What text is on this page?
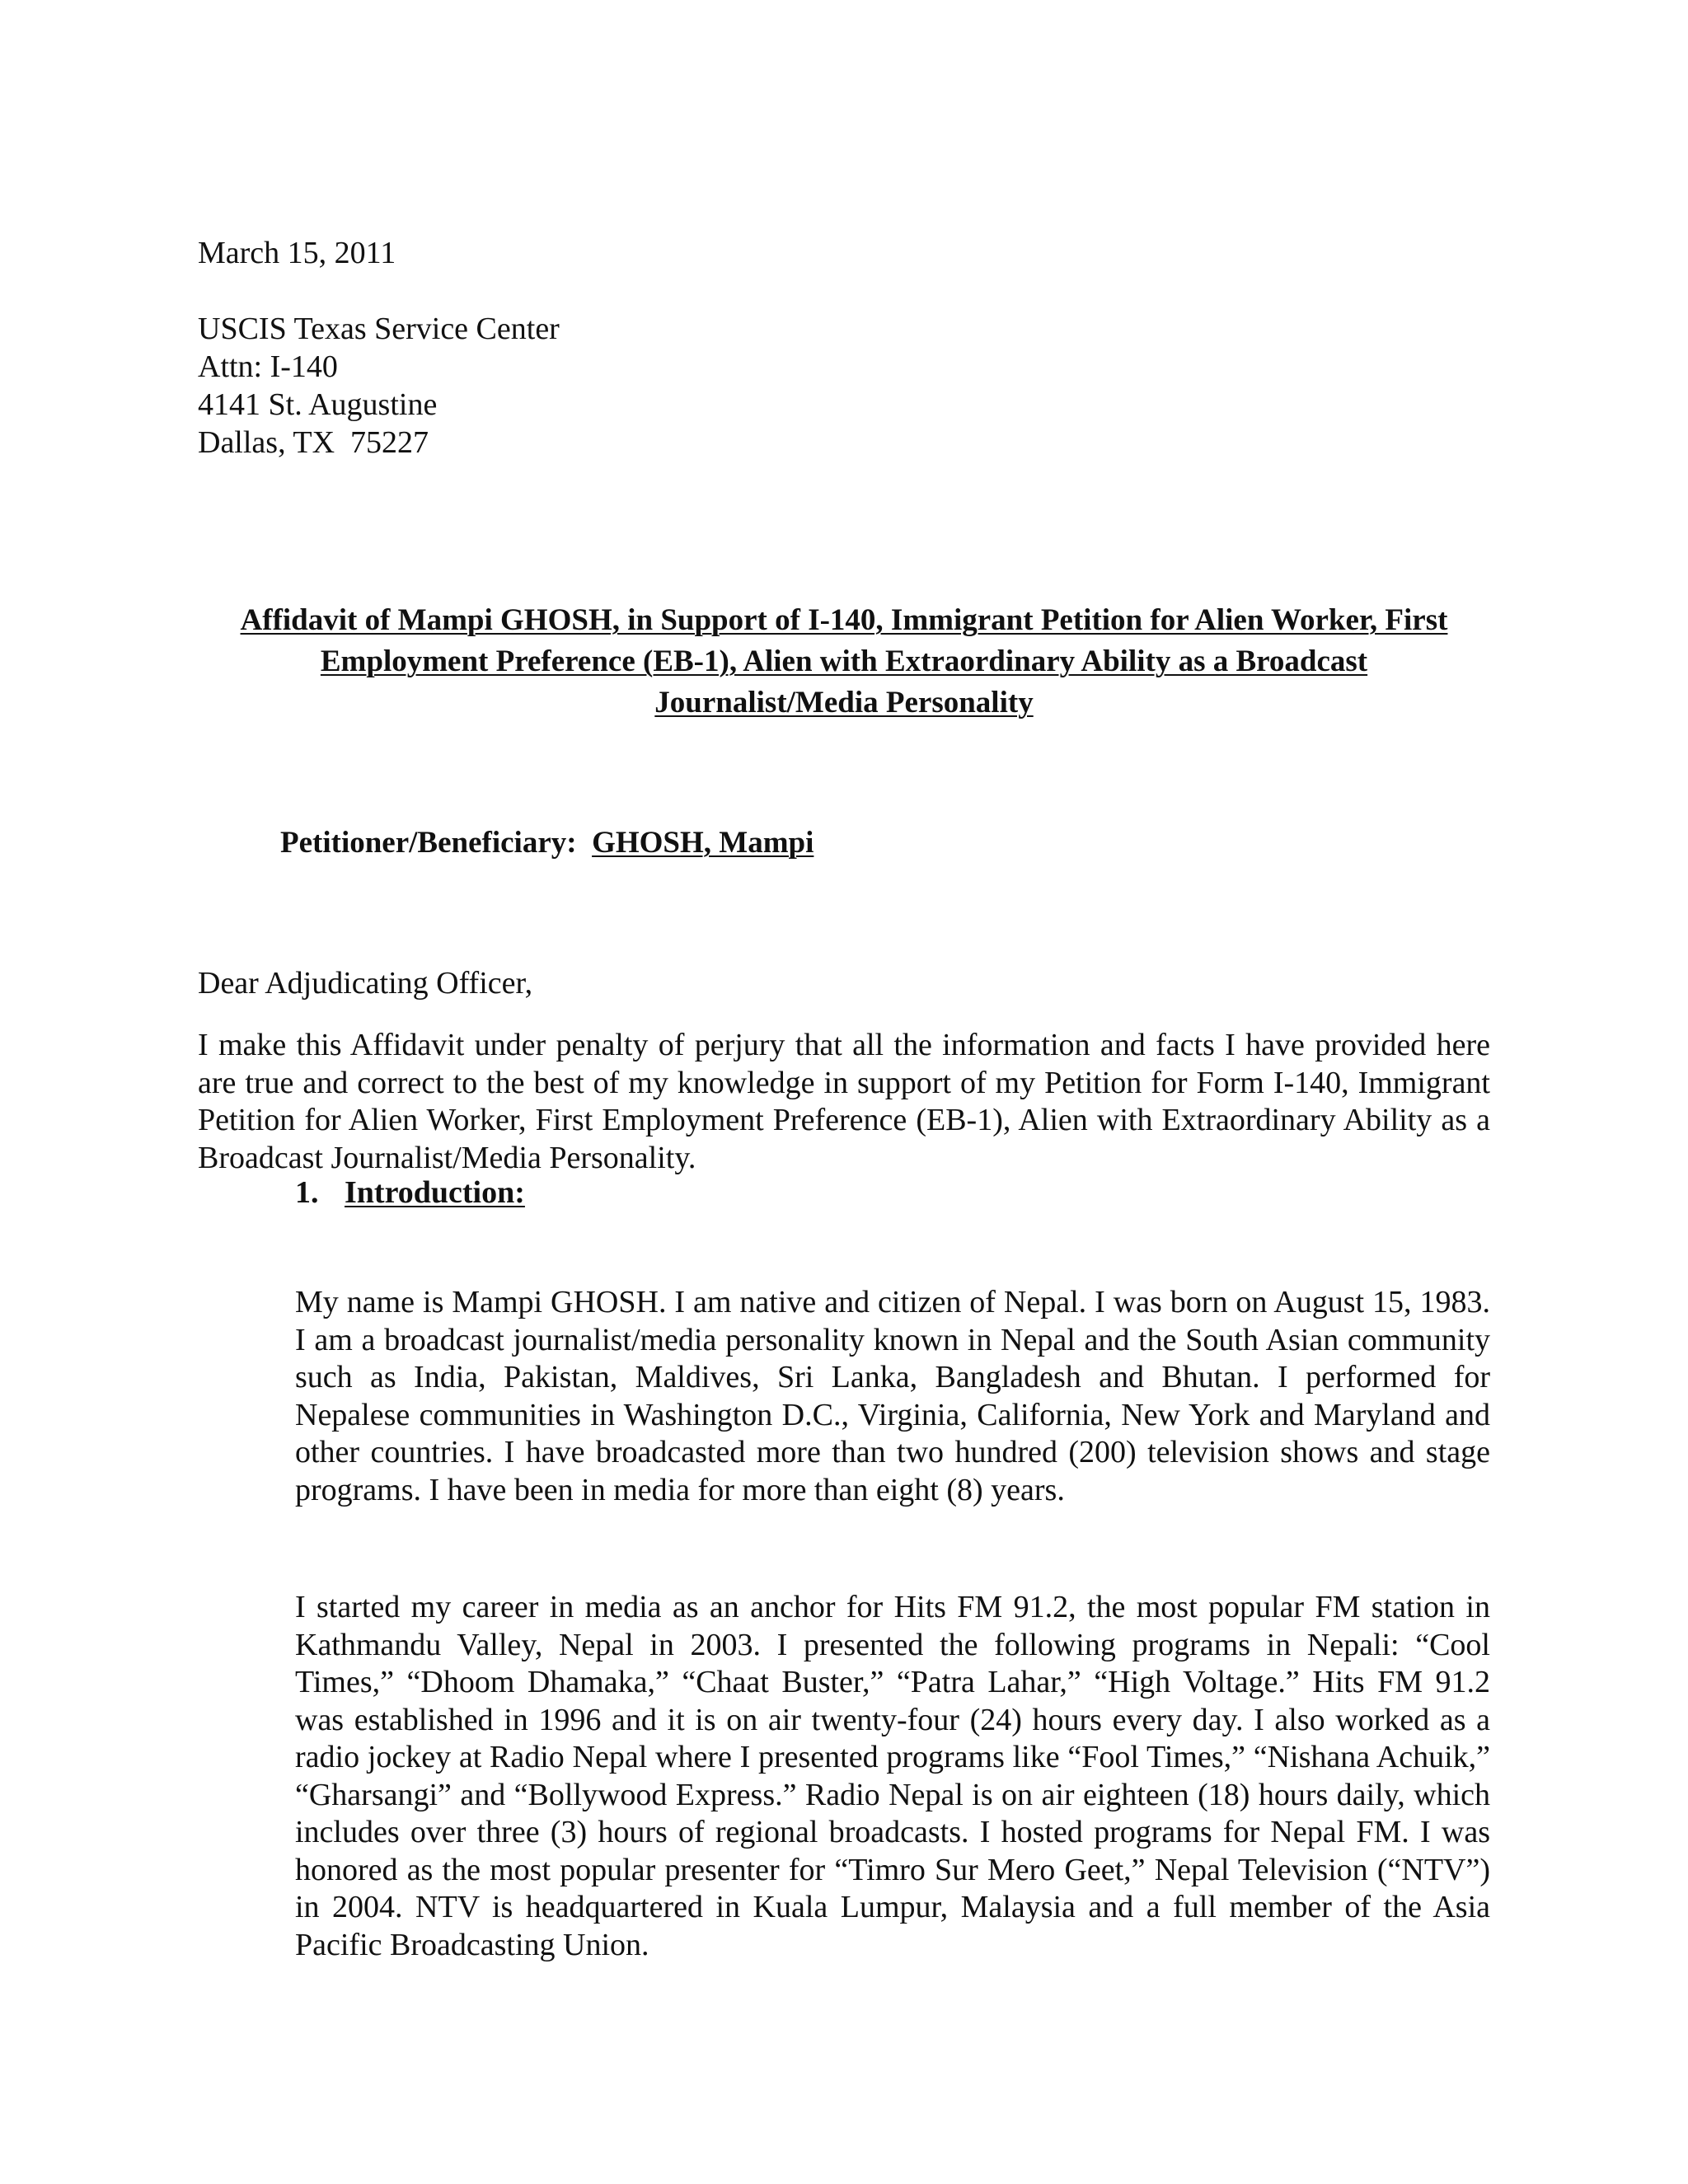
March 15, 2011
USCIS Texas Service Center
Attn: I-140
4141 St. Augustine
Dallas, TX  75227
Affidavit of Mampi GHOSH, in Support of I-140, Immigrant Petition for Alien Worker, First Employment Preference (EB-1), Alien with Extraordinary Ability as a Broadcast Journalist/Media Personality
Petitioner/Beneficiary: GHOSH, Mampi
Dear Adjudicating Officer,
I make this Affidavit under penalty of perjury that all the information and facts I have provided here are true and correct to the best of my knowledge in support of my Petition for Form I-140, Immigrant Petition for Alien Worker, First Employment Preference (EB-1), Alien with Extraordinary Ability as a Broadcast Journalist/Media Personality.
1. Introduction:
My name is Mampi GHOSH. I am native and citizen of Nepal. I was born on August 15, 1983. I am a broadcast journalist/media personality known in Nepal and the South Asian community such as India, Pakistan, Maldives, Sri Lanka, Bangladesh and Bhutan. I performed for Nepalese communities in Washington D.C., Virginia, California, New York and Maryland and other countries. I have broadcasted more than two hundred (200) television shows and stage programs. I have been in media for more than eight (8) years.
I started my career in media as an anchor for Hits FM 91.2, the most popular FM station in Kathmandu Valley, Nepal in 2003. I presented the following programs in Nepali: “Cool Times,” “Dhoom Dhamaka,” “Chaat Buster,” “Patra Lahar,” “High Voltage.” Hits FM 91.2 was established in 1996 and it is on air twenty-four (24) hours every day. I also worked as a radio jockey at Radio Nepal where I presented programs like “Fool Times,” “Nishana Achuik,” “Gharsangi” and “Bollywood Express.” Radio Nepal is on air eighteen (18) hours daily, which includes over three (3) hours of regional broadcasts. I hosted programs for Nepal FM. I was honored as the most popular presenter for “Timro Sur Mero Geet,” Nepal Television (“NTV”) in 2004. NTV is headquartered in Kuala Lumpur, Malaysia and a full member of the Asia Pacific Broadcasting Union.
